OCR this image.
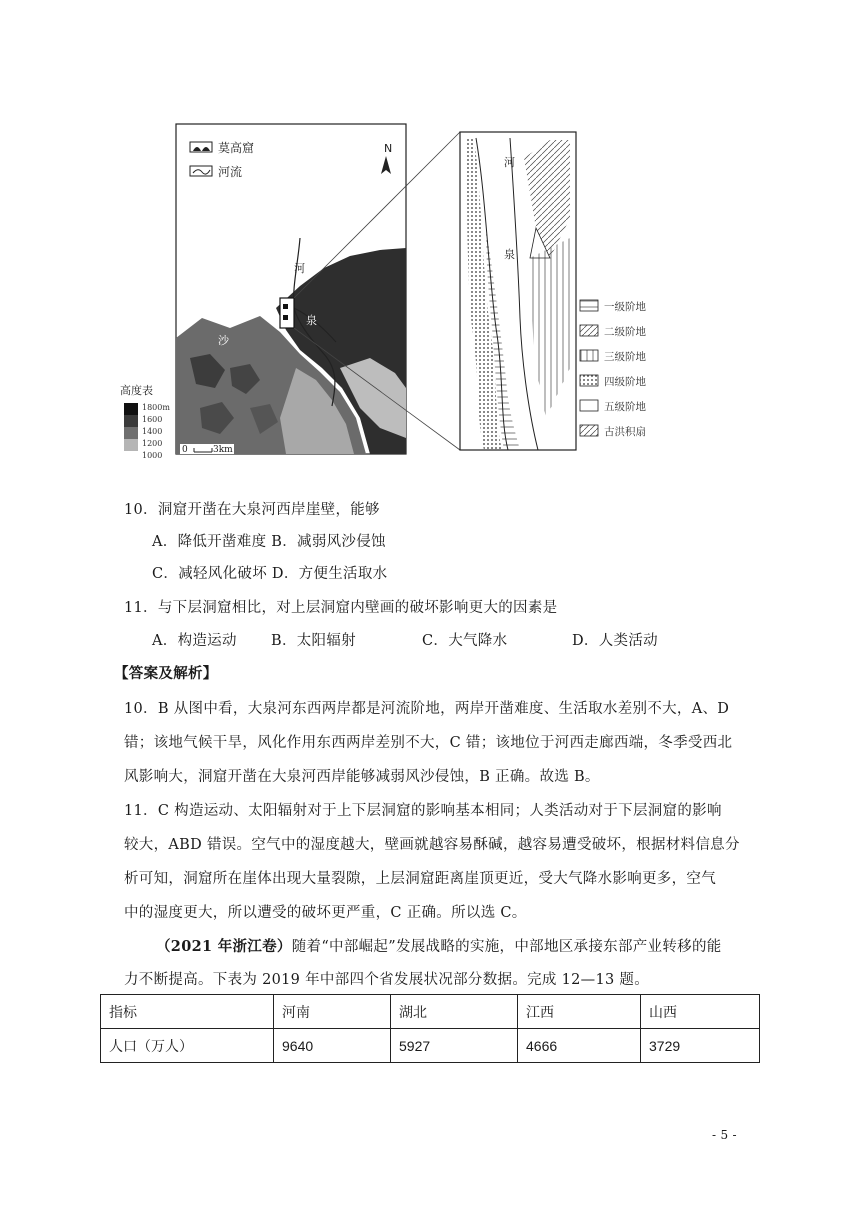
莫高窟
河流
N
河
泉
鸣
沙
高度表
1800m
1600
1400
1200
1000
0	3km
河
泉
一级阶地
二级阶地
三级阶地
四级阶地
五级阶地
古洪积扇
10．洞窟开凿在大泉河西岸崖壁，能够
A．降低开凿难度 B．减弱风沙侵蚀
C．减轻风化破坏 D．方便生活取水
11．与下层洞窟相比，对上层洞窟内壁画的破坏影响更大的因素是
A．构造运动 B．太阳辐射	C．大气降水	D．人类活动
【答案及解析】
10．B 从图中看，大泉河东西两岸都是河流阶地，两岸开凿难度、生活取水差别不大，A、D
错；该地气候干旱，风化作用东西两岸差别不大，C 错；该地位于河西走廊西端，冬季受西北
风影响大，洞窟开凿在大泉河西岸能够减弱风沙侵蚀，B 正确。故选 B。
11．C 构造运动、太阳辐射对于上下层洞窟的影响基本相同；人类活动对于下层洞窟的影响
较大，ABD 错误。空气中的湿度越大，壁画就越容易酥碱，越容易遭受破坏，根据材料信息分
析可知，洞窟所在崖体出现大量裂隙，上层洞窟距离崖顶更近，受大气降水影响更多，空气
中的湿度更大，所以遭受的破坏更严重，C 正确。所以选 C。
（2021 年浙江卷）随着“中部崛起”发展战略的实施，中部地区承接东部产业转移的能
力不断提高。下表为 2019 年中部四个省发展状况部分数据。完成 12—13 题。
指标	河南	湖北	江西	山西
人口（万人）	9640	5927	4666	3729
- 5 -
